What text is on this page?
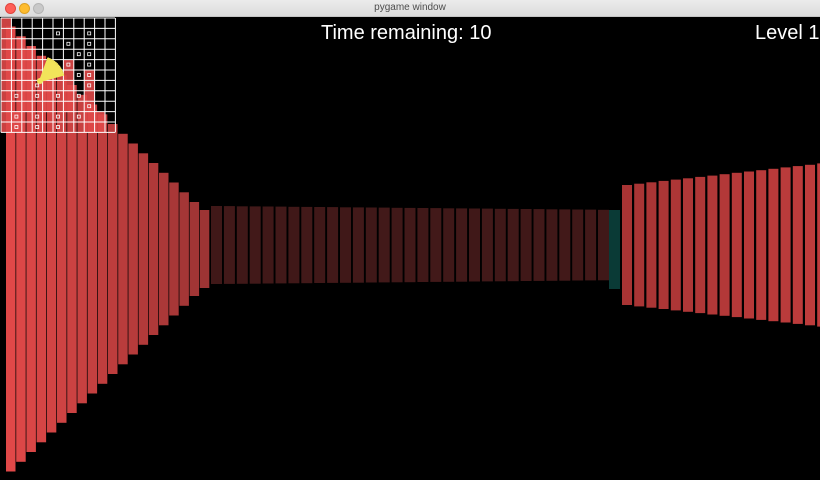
pygame window
Time remaining: 10	Level 1
